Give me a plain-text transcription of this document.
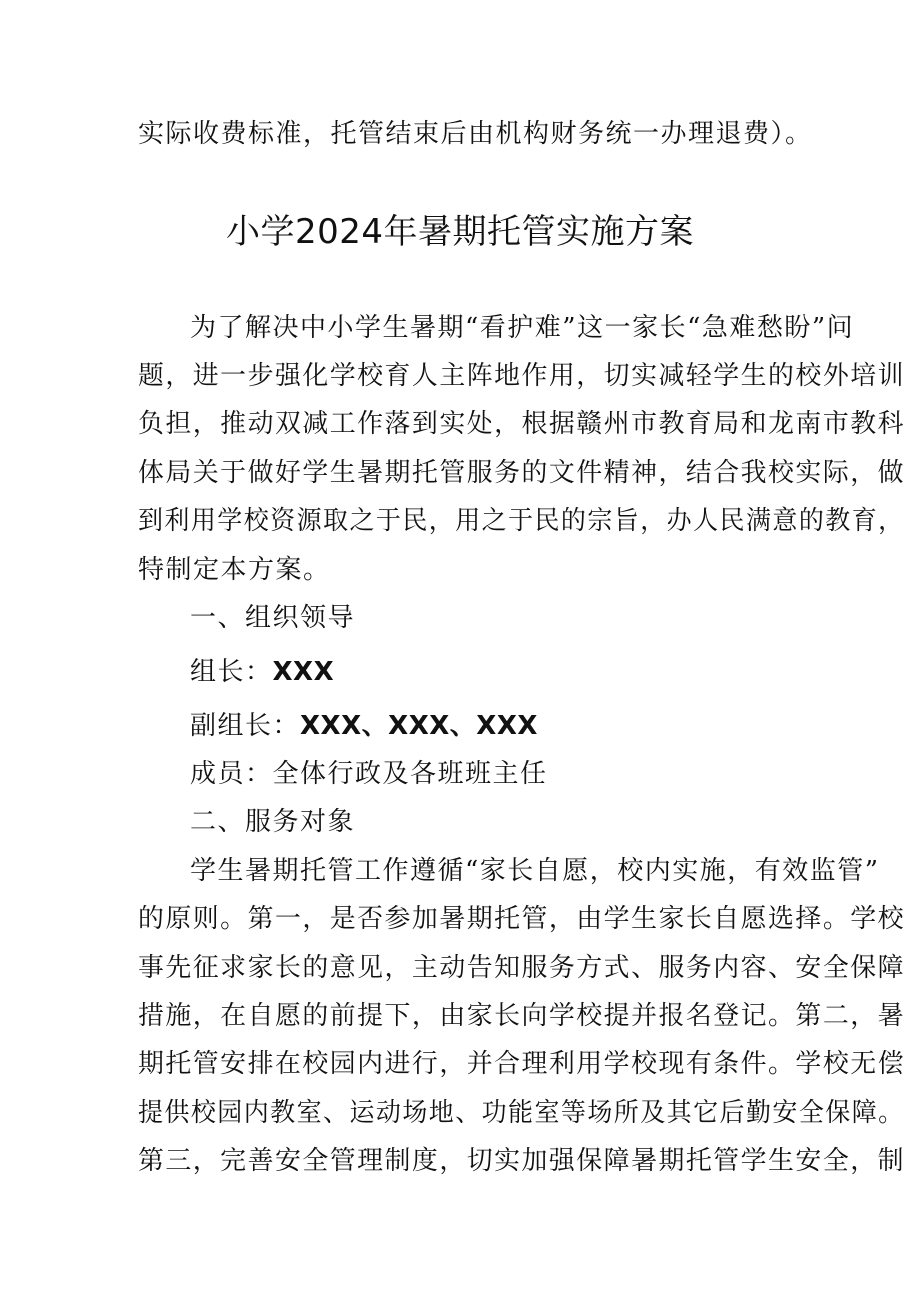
实际收费标准，托管结束后由机构财务统一办理退费）。
小学2024年暑期托管实施方案
为了解决中小学生暑期“看护难”这一家长“急难愁盼”问
题，进一步强化学校育人主阵地作用，切实减轻学生的校外培训
负担，推动双减工作落到实处，根据赣州市教育局和龙南市教科
体局关于做好学生暑期托管服务的文件精神，结合我校实际，做
到利用学校资源取之于民，用之于民的宗旨，办人民满意的教育，
特制定本方案。
一、组织领导
组长：XXX
副组长：XXX、XXX、XXX
成员：全体行政及各班班主任
二、服务对象
学生暑期托管工作遵循“家长自愿，校内实施，有效监管”
的原则。第一，是否参加暑期托管，由学生家长自愿选择。学校
事先征求家长的意见，主动告知服务方式、服务内容、安全保障
措施，在自愿的前提下，由家长向学校提并报名登记。第二，暑
期托管安排在校园内进行，并合理利用学校现有条件。学校无偿
提供校园内教室、运动场地、功能室等场所及其它后勤安全保障。
第三，完善安全管理制度，切实加强保障暑期托管学生安全，制
